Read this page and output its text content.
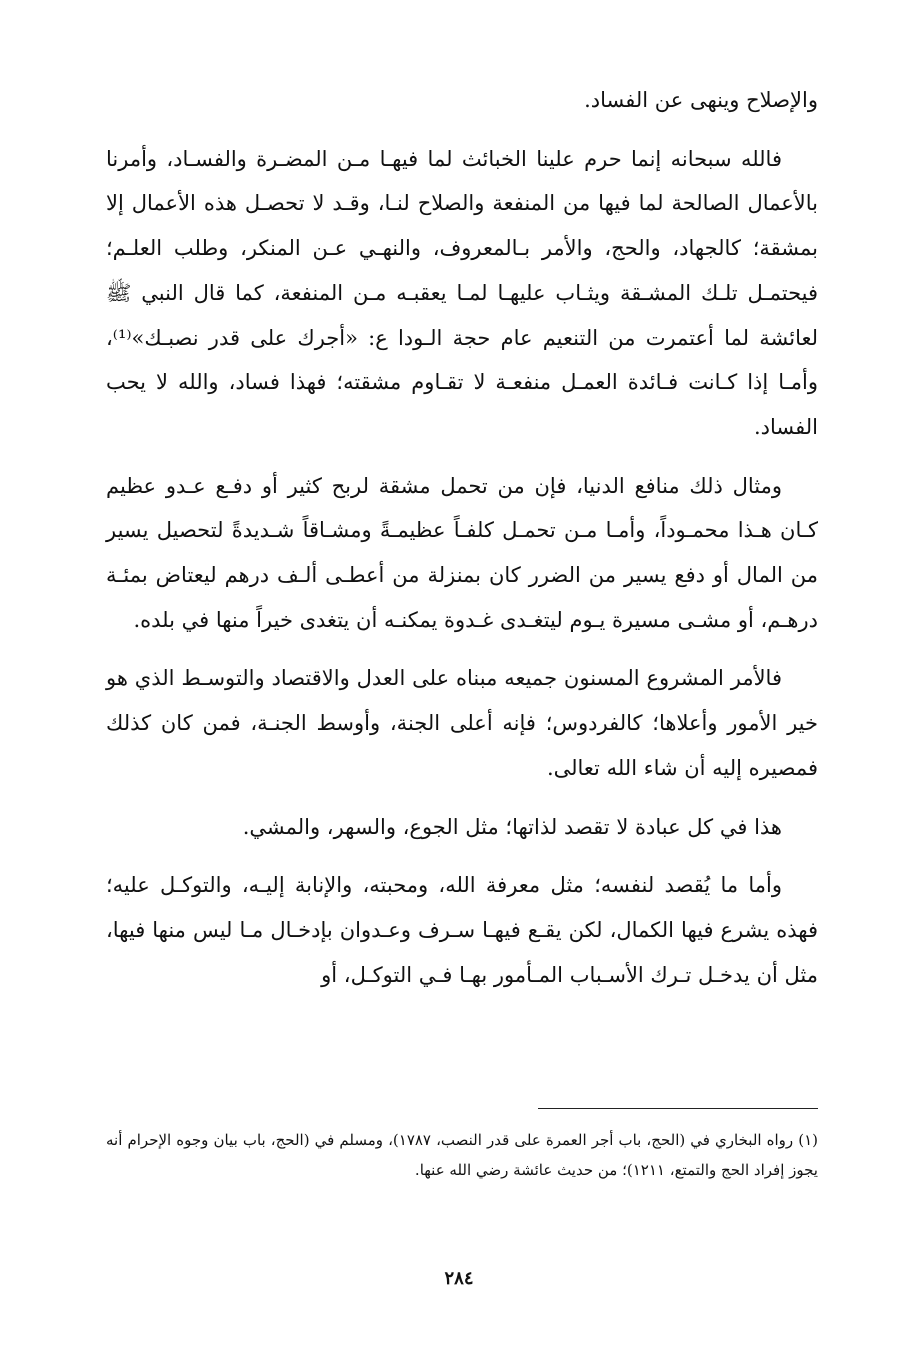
والإصلاح وينهى عن الفساد.

فالله سبحانه إنما حرم علينا الخبائث لما فيهـا مـن المضـرة والفسـاد، وأمرنا بالأعمال الصالحة لما فيها من المنفعة والصلاح لنـا، وقـد لا تحصـل هذه الأعمال إلا بمشقة؛ كالجهاد، والحج، والأمر بـالمعروف، والنهـي عـن المنكر، وطلب العلـم؛ فيحتمـل تلـك المشـقة ويثـاب عليهـا لمـا يعقبـه مـن المنفعة، كما قال النبي ﷺ لعائشة لما أعتمرت من التنعيم عام حجة الـودا ع: «أجرك على قدر نصبـك»⁽¹⁾، وأمـا إذا كـانت فـائدة العمـل منفعـة لا تقـاوم مشقته؛ فهذا فساد، والله لا يحب الفساد.

ومثال ذلك منافع الدنيا، فإن من تحمل مشقة لربح كثير أو دفـع عـدو عظيم كـان هـذا محمـوداً، وأمـا مـن تحمـل كلفـاً عظيمـةً ومشـاقاً شـديدةً لتحصيل يسير من المال أو دفع يسير من الضرر كان بمنزلة من أعطـى ألـف درهم ليعتاض بمئـة درهـم، أو مشـى مسيرة يـوم ليتغـدى غـدوة يمكنـه أن يتغدى خيراً منها في بلده.

فالأمر المشروع المسنون جميعه مبناه على العدل والاقتصاد والتوسـط الذي هو خير الأمور وأعلاها؛ كالفردوس؛ فإنه أعلى الجنة، وأوسط الجنـة، فمن كان كذلك فمصيره إليه أن شاء الله تعالى.

هذا في كل عبادة لا تقصد لذاتها؛ مثل الجوع، والسهر، والمشي.

وأما ما يُقصد لنفسه؛ مثل معرفة الله، ومحبته، والإنابة إليـه، والتوكـل عليه؛ فهذه يشرع فيها الكمال، لكن يقـع فيهـا سـرف وعـدوان بإدخـال مـا ليس منها فيها، مثل أن يدخـل تـرك الأسـباب المـأمور بهـا فـي التوكـل، أو

(١) رواه البخاري في (الحج، باب أجر العمرة على قدر النصب، ١٧٨٧)، ومسلم في (الحج، باب بيان وجوه الإحرام أنه يجوز إفراد الحج والتمتع، ١٢١١)؛ من حديث عائشة رضي الله عنها.

٢٨٤
